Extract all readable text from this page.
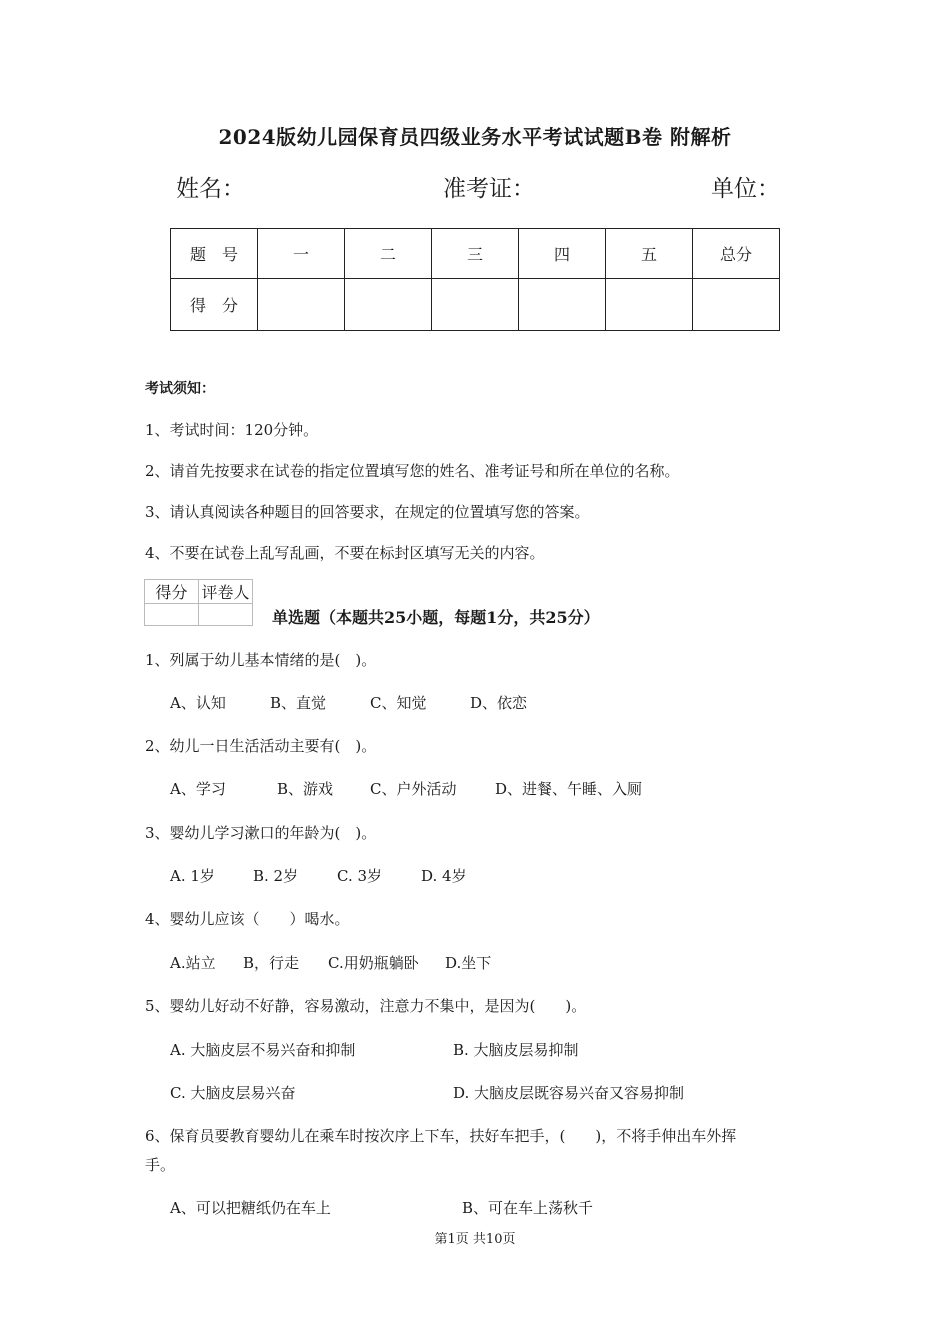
2024版幼儿园保育员四级业务水平考试试题B卷 附解析
姓名：	准考证：	单位：
题　号	一	二	三	四	五	总分
得　分						
考试须知：
1、考试时间：120分钟。
2、请首先按要求在试卷的指定位置填写您的姓名、准考证号和所在单位的名称。
3、请认真阅读各种题目的回答要求，在规定的位置填写您的答案。
4、不要在试卷上乱写乱画，不要在标封区填写无关的内容。
得分	评卷人

单选题（本题共25小题，每题1分，共25分）
1、列属于幼儿基本情绪的是(　)。
A、认知	B、直觉	C、知觉	D、依恋
2、幼儿一日生活活动主要有(　)。
A、学习	B、游戏 C、户外活动	D、进餐、午睡、入厕
3、婴幼儿学习漱口的年龄为(　)。
A. 1岁	B. 2岁	C. 3岁	D. 4岁
4、婴幼儿应该（　　）喝水。
A.站立 B，行走 C.用奶瓶躺卧 D.坐下
5、婴幼儿好动不好静，容易激动，注意力不集中，是因为(　　)。
A. 大脑皮层不易兴奋和抑制	B. 大脑皮层易抑制
C. 大脑皮层易兴奋	D. 大脑皮层既容易兴奋又容易抑制
6、保育员要教育婴幼儿在乘车时按次序上下车，扶好车把手，(　　)，不将手伸出车外挥
手。
A、可以把糖纸仍在车上	B、可在车上荡秋千
第1页 共10页
